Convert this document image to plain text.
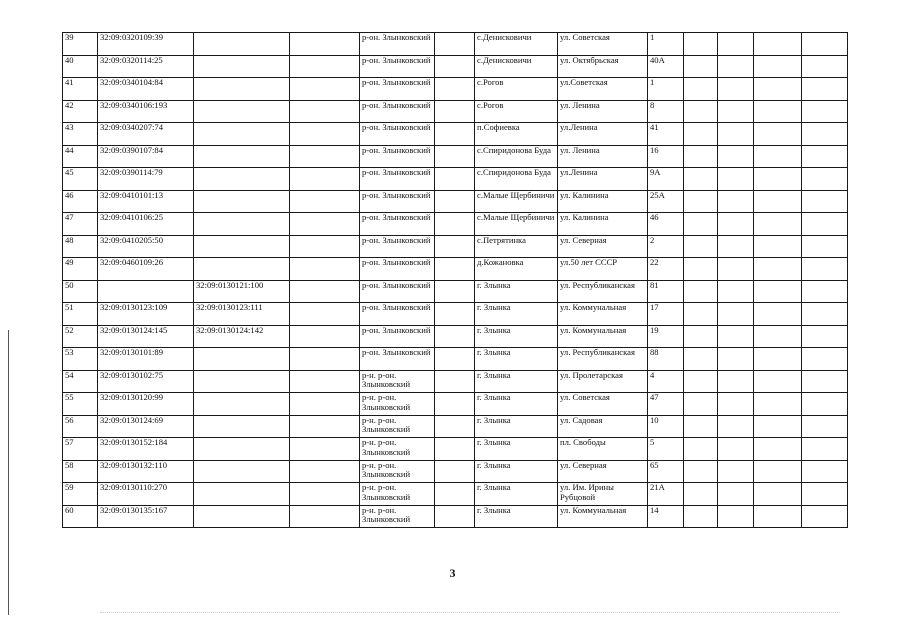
39	32:09:0320109:39			р-он. Злынковский		с.Денисковичи	ул. Советская	1				
40	32:09:0320114:25			р-он. Злынковский		с.Денисковичи	ул. Октябрьская	40А				
41	32:09:0340104:84			р-он. Злынковский		с.Рогов	ул.Советская	1				
42	32:09:0340106:193			р-он. Злынковский		с.Рогов	ул. Ленина	8				
43	32:09:0340207:74			р-он. Злынковский		п.Софиевка	ул.Ленина	41				
44	32:09:0390107:84			р-он. Злынковский		с.Спиридонова Буда	ул. Ленина	16				
45	32:09:0390114:79			р-он. Злынковский		с.Спиридонова Буда	ул.Ленина	9А				
46	32:09:0410101:13			р-он. Злынковский		с.Малые Щербиничи	ул. Калинина	25А				
47	32:09:0410106:25			р-он. Злынковский		с.Малые Щербиничи	ул. Калинина	46				
48	32:09:0410205:50			р-он. Злынковский		с.Петрятинка	ул. Северная	2				
49	32:09:0460109:26			р-он. Злынковский		д.Кожановка	ул.50 лет СССР	22				
50		32:09:0130121:100		р-он. Злынковский		г. Злынка	ул. Республиканская	81				
51	32:09:0130123:109	32:09:0130123:111		р-он. Злынковский		г. Злынка	ул. Коммунальная	17				
52	32:09:0130124:145	32:09:0130124:142		р-он. Злынковский		г. Злынка	ул. Коммунальная	19				
53	32:09:0130101:89			р-он. Злынковский		г. Злынка	ул. Республиканская	88				
54	32:09:0130102:75			р-н. р-он. Злынковский		г. Злынка	ул. Пролетарская	4				
55	32:09:0130120:99			р-н. р-он. Злынковский		г. Злынка	ул. Советская	47				
56	32:09:0130124:69			р-н. р-он. Злынковский		г. Злынка	ул. Садовая	10				
57	32:09:0130152:184			р-н. р-он. Злынковский		г. Злынка	пл. Свободы	5				
58	32:09:0130132:110			р-н. р-он. Злынковский		г. Злынка	ул. Северная	65				
59	32:09:0130110:270			р-н. р-он. Злынковский		г. Злынка	ул. Им. Ирины Рубцовой	21А				
60	32:09:0130135:167			р-н. р-он. Злынковский		г. Злынка	ул. Коммунальная	14				
3
